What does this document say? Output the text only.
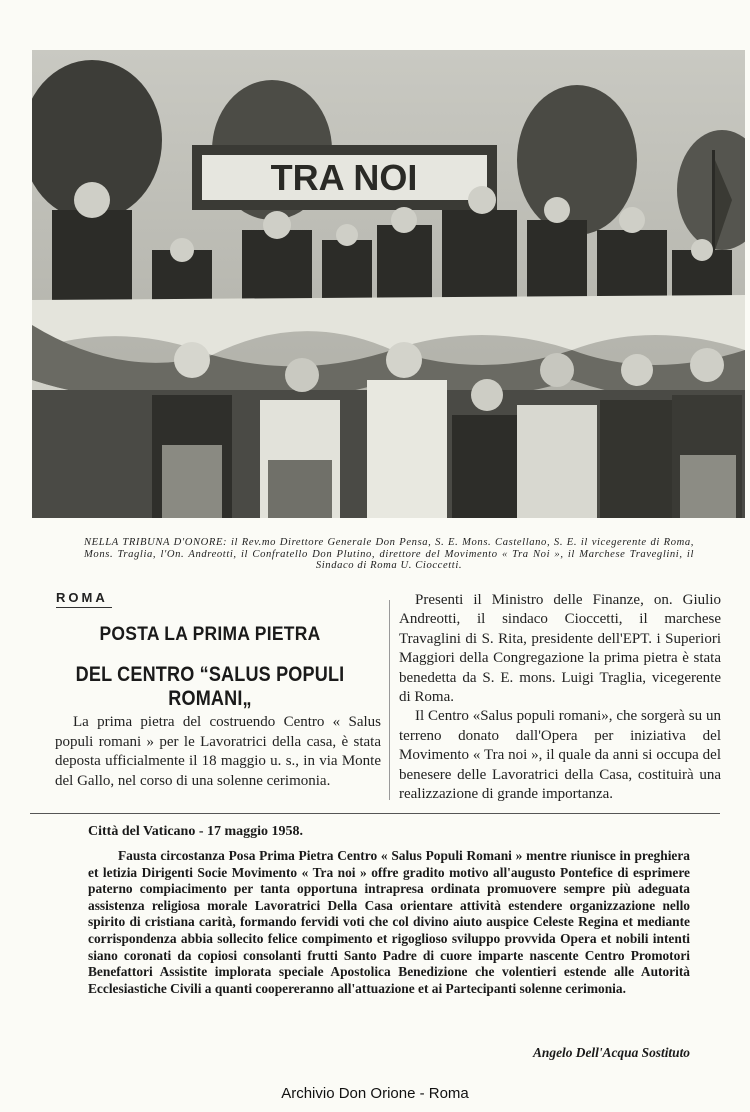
TRA NOI
NELLA TRIBUNA D'ONORE: il Rev.mo Direttore Generale Don Pensa, S. E. Mons. Castellano, S. E. il vicegerente di Roma, Mons. Traglia, l'On. Andreotti, il Confratello Don Plutino, direttore del Movimento « Tra Noi », il Marchese Traveglini, il Sindaco di Roma U. Cioccetti.
ROMA
POSTA LA PRIMA PIETRA
DEL CENTRO “SALUS POPULI ROMANI„

La prima pietra del costruendo Centro « Salus populi romani » per le Lavoratrici della casa, è stata deposta ufficialmente il 18 maggio u. s., in via Monte del Gallo, nel corso di una solenne cerimonia.

Presenti il Ministro delle Finanze, on. Giulio Andreotti, il sindaco Cioccetti, il marchese Travaglini di S. Rita, presidente dell'EPT. i Superiori Maggiori della Congregazione la prima pietra è stata benedetta da S. E. mons. Luigi Traglia, vicegerente di Roma.

Il Centro «Salus populi romani», che sorgerà su un terreno donato dall'Opera per iniziativa del Movimento « Tra noi », il quale da anni si occupa del benesere delle Lavoratrici della Casa, costituirà una realizzazione di grande importanza.

Città del Vaticano - 17 maggio 1958.

Fausta circostanza Posa Prima Pietra Centro « Salus Populi Romani » mentre riunisce in preghiera et letizia Dirigenti Socie Movimento « Tra noi » offre gradito motivo all'augusto Pontefice di esprimere paterno compiacimento per tanta opportuna intrapresa ordinata promuovere sempre più adeguata assistenza religiosa morale Lavoratrici Della Casa orientare attività estendere organizzazione nello spirito di cristiana carità, formando fervidi voti che col divino aiuto auspice Celeste Regina et mediante corrispondenza abbia sollecito felice compimento et rigoglioso sviluppo provvida Opera et nobili intenti siano coronati da copiosi consolanti frutti Santo Padre di cuore imparte nascente Centro Promotori Benefattori Assistite implorata speciale Apostolica Benedizione che volentieri estende alle Autorità Ecclesiastiche Civili a quanti coopereranno all'attuazione et ai Partecipanti solenne cerimonia.

Angelo Dell'Acqua Sostituto
Archivio Don Orione - Roma
